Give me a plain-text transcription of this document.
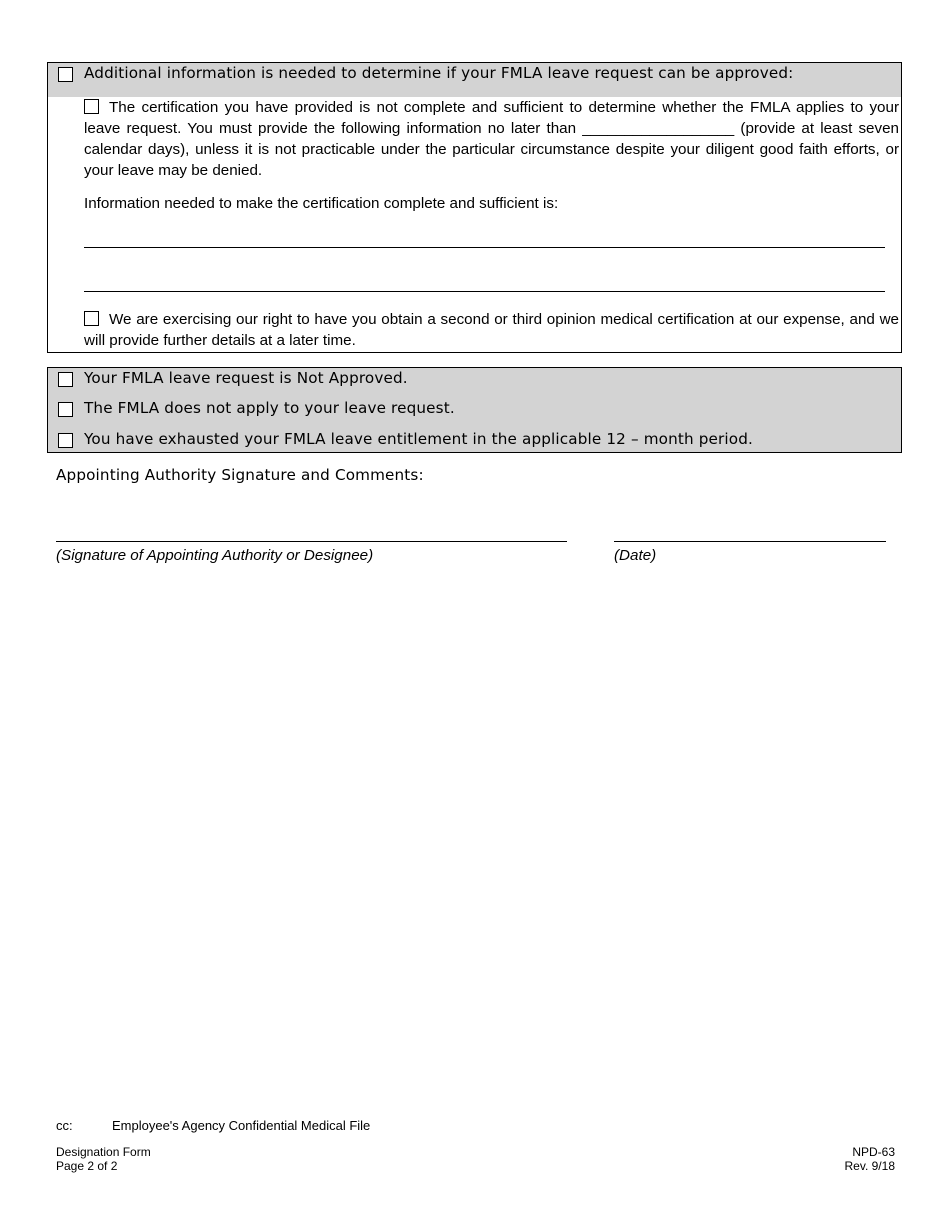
Additional information is needed to determine if your FMLA leave request can be approved:
The certification you have provided is not complete and sufficient to determine whether the FMLA applies to your leave request. You must provide the following information no later than __________________ (provide at least seven calendar days), unless it is not practicable under the particular circumstance despite your diligent good faith efforts, or your leave may be denied.
Information needed to make the certification complete and sufficient is:
We are exercising our right to have you obtain a second or third opinion medical certification at our expense, and we will provide further details at a later time.
Your FMLA leave request is Not Approved.
The FMLA does not apply to your leave request.
You have exhausted your FMLA leave entitlement in the applicable 12 – month period.
Appointing Authority Signature and Comments:
(Signature of Appointing Authority or Designee)	(Date)
cc:	Employee's Agency Confidential Medical File
Designation Form
Page 2 of 2
NPD-63
Rev. 9/18
